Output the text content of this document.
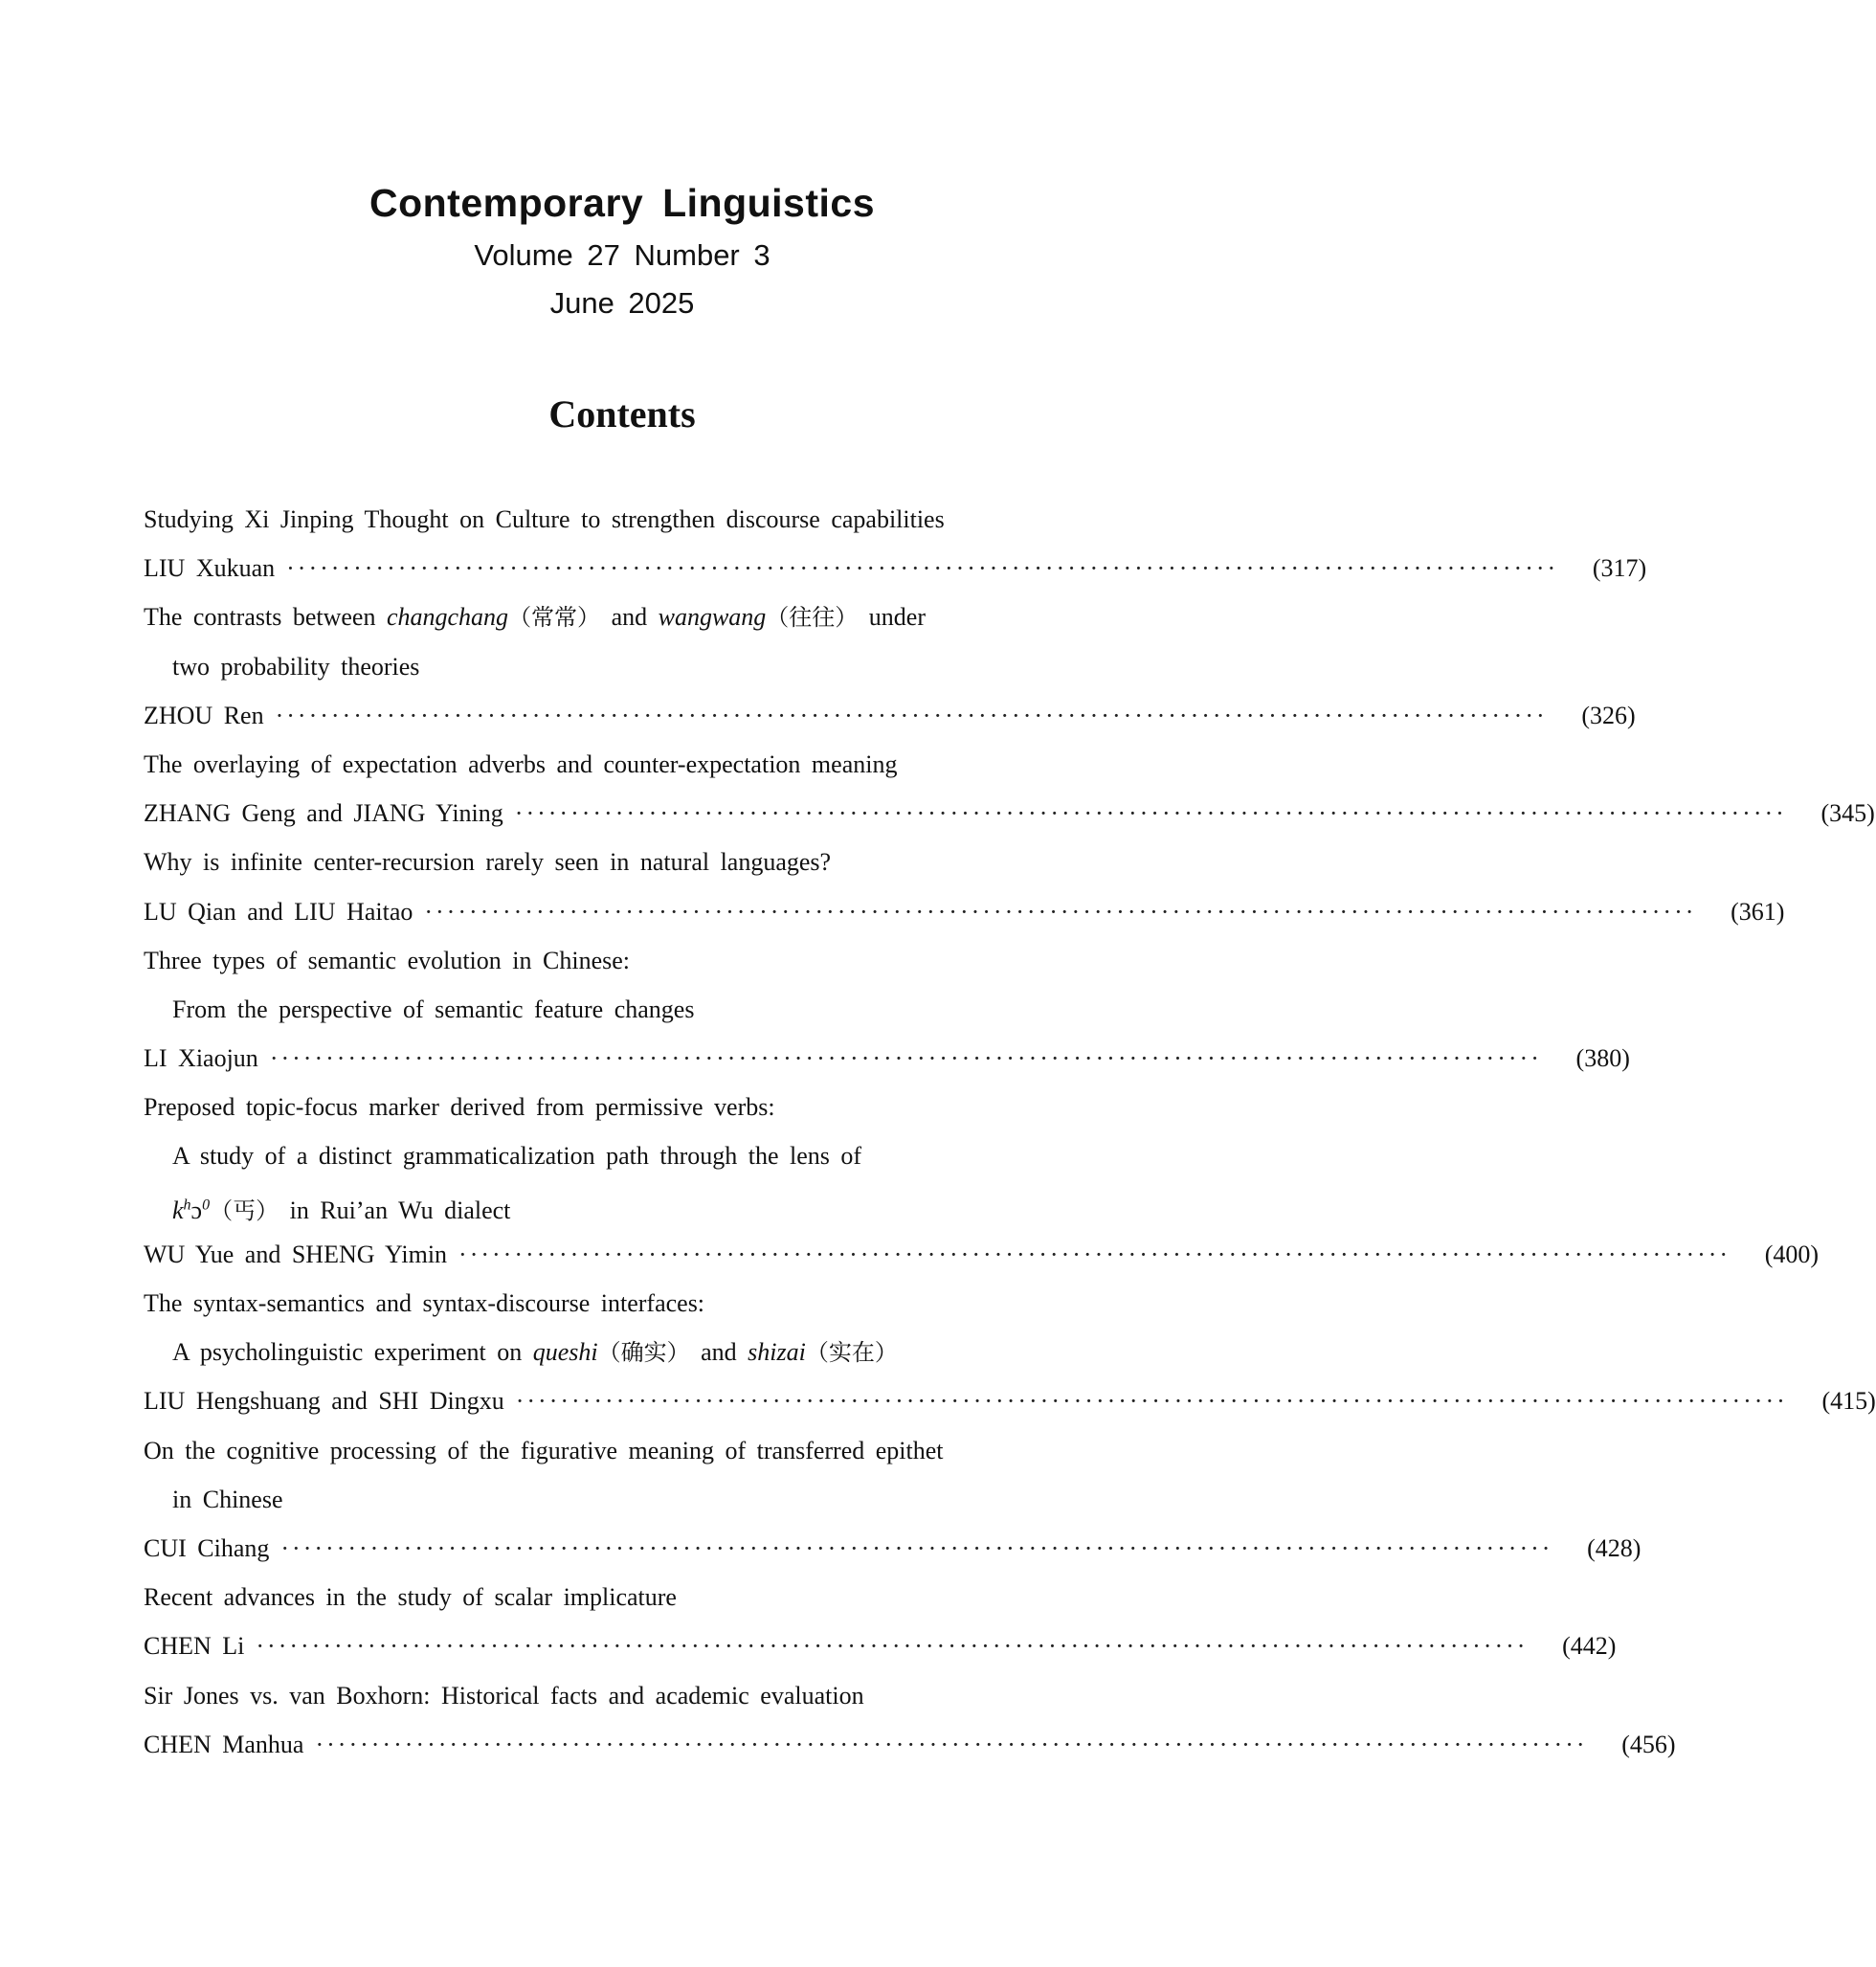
Contemporary Linguistics

Volume 27 Number 3

June 2025

Contents
Studying Xi Jinping Thought on Culture to strengthen discourse capabilities
LIU Xukuan ··················································································································	(317)
The contrasts between changchang（常常） and wangwang（往往） under
two probability theories
ZHOU Ren ··················································································································	(326)
The overlaying of expectation adverbs and counter-expectation meaning
ZHANG Geng and JIANG Yining ··················································································································	(345)
Why is infinite center-recursion rarely seen in natural languages?
LU Qian and LIU Haitao ··················································································································	(361)
Three types of semantic evolution in Chinese:
From the perspective of semantic feature changes
LI Xiaojun ··················································································································	(380)
Preposed topic-focus marker derived from permissive verbs:
A study of a distinct grammaticalization path through the lens of
$k^hɔ^0$（丐） in Rui’an Wu dialect
WU Yue and SHENG Yimin ··················································································································	(400)
The syntax-semantics and syntax-discourse interfaces:
A psycholinguistic experiment on queshi（确实） and shizai（实在）
LIU Hengshuang and SHI Dingxu ··················································································································	(415)
On the cognitive processing of the figurative meaning of transferred epithet
in Chinese
CUI Cihang ··················································································································	(428)
Recent advances in the study of scalar implicature
CHEN Li ··················································································································	(442)
Sir Jones vs. van Boxhorn: Historical facts and academic evaluation
CHEN Manhua ··················································································································	(456)
